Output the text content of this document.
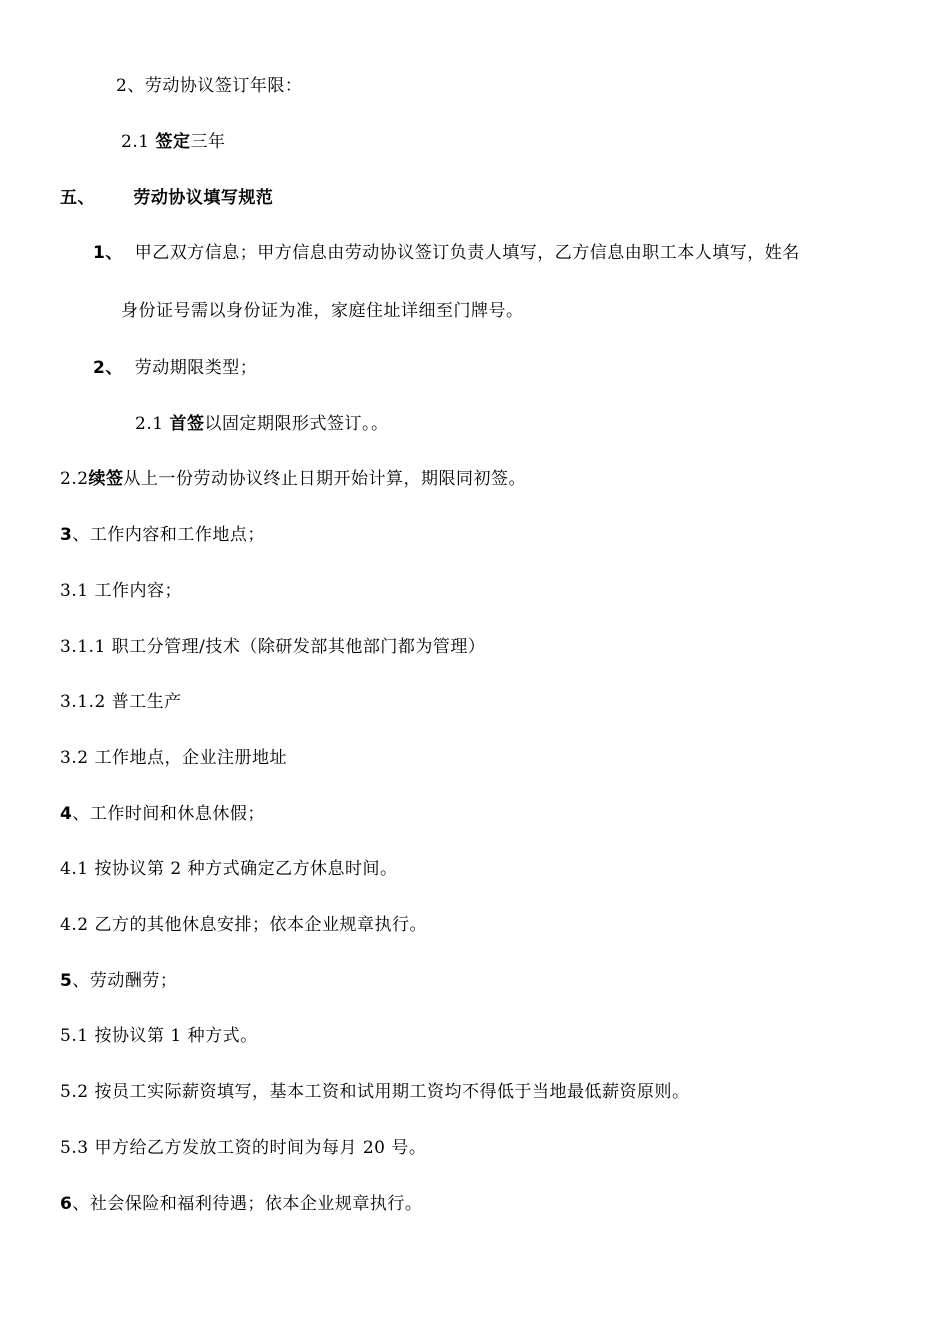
2、劳动协议签订年限：
2.1 签定三年
五、 劳动协议填写规范
1、 甲乙双方信息；甲方信息由劳动协议签订负责人填写，乙方信息由职工本人填写，姓名
身份证号需以身份证为准，家庭住址详细至门牌号。
2、 劳动期限类型；
2.1 首签以固定期限形式签订。。
2.2续签从上一份劳动协议终止日期开始计算，期限同初签。
3、工作内容和工作地点；
3.1 工作内容；
3.1.1 职工分管理/技术（除研发部其他部门都为管理）
3.1.2 普工生产
3.2 工作地点，企业注册地址
4、工作时间和休息休假；
4.1 按协议第 2 种方式确定乙方休息时间。
4.2 乙方的其他休息安排；依本企业规章执行。
5、劳动酬劳；
5.1 按协议第 1 种方式。
5.2 按员工实际薪资填写，基本工资和试用期工资均不得低于当地最低薪资原则。
5.3 甲方给乙方发放工资的时间为每月 20 号。
6、社会保险和福利待遇；依本企业规章执行。
